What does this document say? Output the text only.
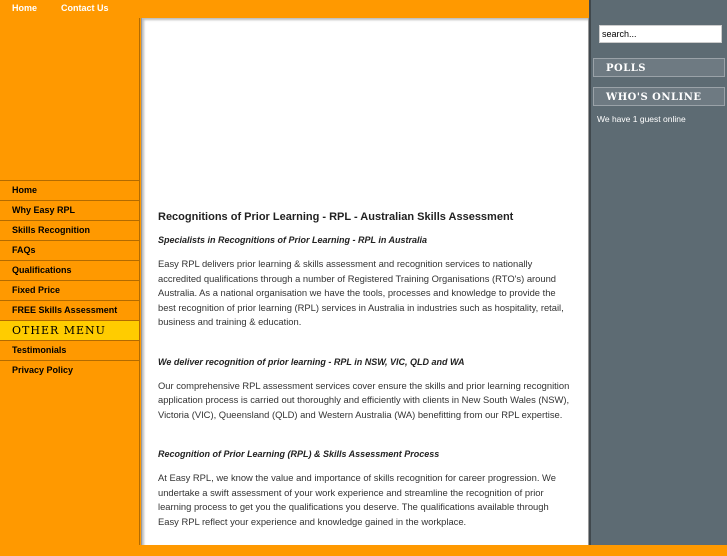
Home	Contact Us
Home
Why Easy RPL
Skills Recognition
FAQs
Qualifications
Fixed Price
FREE Skills Assessment
OTHER MENU
Testimonials
Privacy Policy
Recognitions of Prior Learning - RPL - Australian Skills Assessment

Specialists in Recognitions of Prior Learning - RPL in Australia

Easy RPL delivers prior learning & skills assessment and recognition services to nationally accredited qualifications through a number of Registered Training Organisations (RTO's) around Australia. As a national organisation we have the tools, processes and knowledge to provide the best recognition of prior learning (RPL) services in Australia in industries such as hospitality, retail, business and training & education.

We deliver recognition of prior learning - RPL in NSW, VIC, QLD and WA

Our comprehensive RPL assessment services cover ensure the skills and prior learning recognition application process is carried out thoroughly and efficiently with clients in New South Wales (NSW), Victoria (VIC), Queensland (QLD) and Western Australia (WA) benefitting from our RPL expertise.

Recognition of Prior Learning (RPL) & Skills Assessment Process

At Easy RPL, we know the value and importance of skills recognition for career progression. We undertake a swift assessment of your work experience and streamline the recognition of prior learning process to get you the qualifications you deserve. The qualifications available through Easy RPL reflect your experience and knowledge gained in the workplace.

search...
POLLS
WHO'S ONLINE
We have 1 guest online
